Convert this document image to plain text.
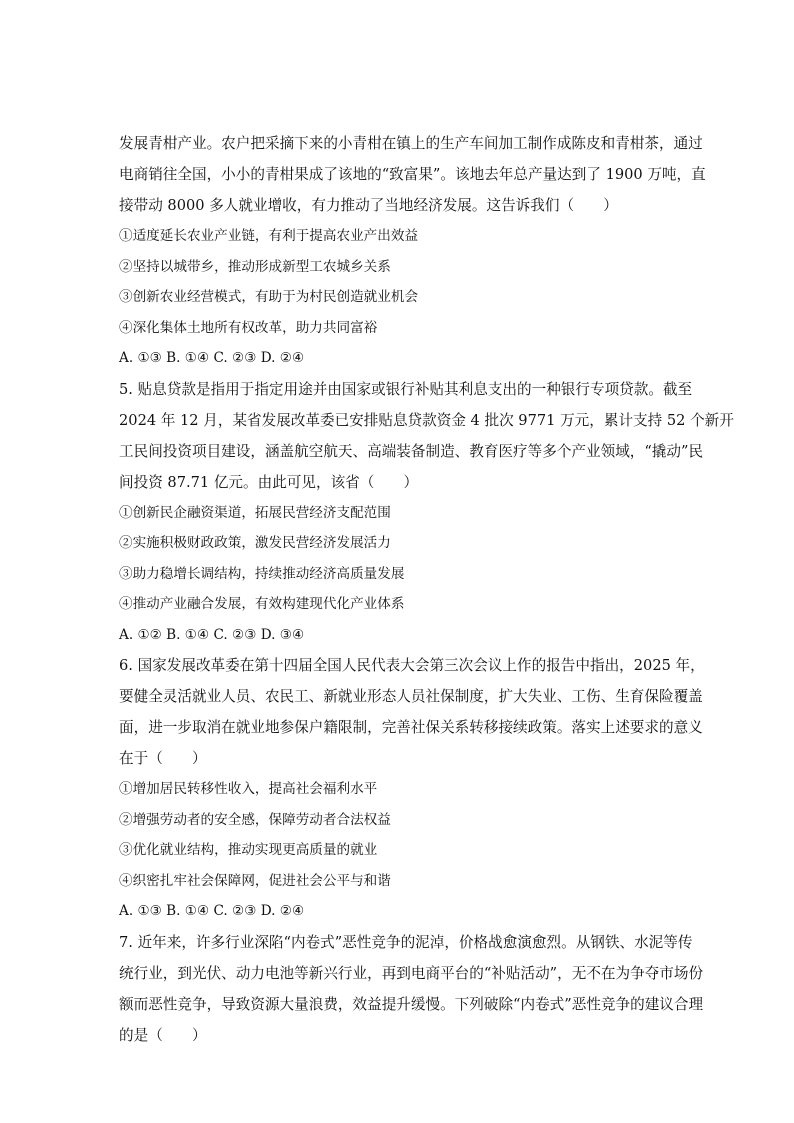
发展青柑产业。农户把采摘下来的小青柑在镇上的生产车间加工制作成陈皮和青柑茶，通过
电商销往全国，小小的青柑果成了该地的“致富果”。该地去年总产量达到了 1900 万吨，直
接带动 8000 多人就业增收，有力推动了当地经济发展。这告诉我们（　　）
①适度延长农业产业链，有利于提高农业产出效益
②坚持以城带乡，推动形成新型工农城乡关系
③创新农业经营模式，有助于为村民创造就业机会
④深化集体土地所有权改革，助力共同富裕
A. ①③ B. ①④ C. ②③ D. ②④
5. 贴息贷款是指用于指定用途并由国家或银行补贴其利息支出的一种银行专项贷款。截至
2024 年 12 月，某省发展改革委已安排贴息贷款资金 4 批次 9771 万元，累计支持 52 个新开
工民间投资项目建设，涵盖航空航天、高端装备制造、教育医疗等多个产业领域，“撬动”民
间投资 87.71 亿元。由此可见，该省（　　）
①创新民企融资渠道，拓展民营经济支配范围
②实施积极财政政策，激发民营经济发展活力
③助力稳增长调结构，持续推动经济高质量发展
④推动产业融合发展，有效构建现代化产业体系
A. ①② B. ①④ C. ②③ D. ③④
6. 国家发展改革委在第十四届全国人民代表大会第三次会议上作的报告中指出，2025 年，
要健全灵活就业人员、农民工、新就业形态人员社保制度，扩大失业、工伤、生育保险覆盖
面，进一步取消在就业地参保户籍限制，完善社保关系转移接续政策。落实上述要求的意义
在于（　　）
①增加居民转移性收入，提高社会福利水平
②增强劳动者的安全感，保障劳动者合法权益
③优化就业结构，推动实现更高质量的就业
④织密扎牢社会保障网，促进社会公平与和谐
A. ①③ B. ①④ C. ②③ D. ②④
7. 近年来，许多行业深陷“内卷式”恶性竞争的泥淖，价格战愈演愈烈。从钢铁、水泥等传
统行业，到光伏、动力电池等新兴行业，再到电商平台的“补贴活动”，无不在为争夺市场份
额而恶性竞争，导致资源大量浪费，效益提升缓慢。下列破除“内卷式”恶性竞争的建议合理
的是（　　）
